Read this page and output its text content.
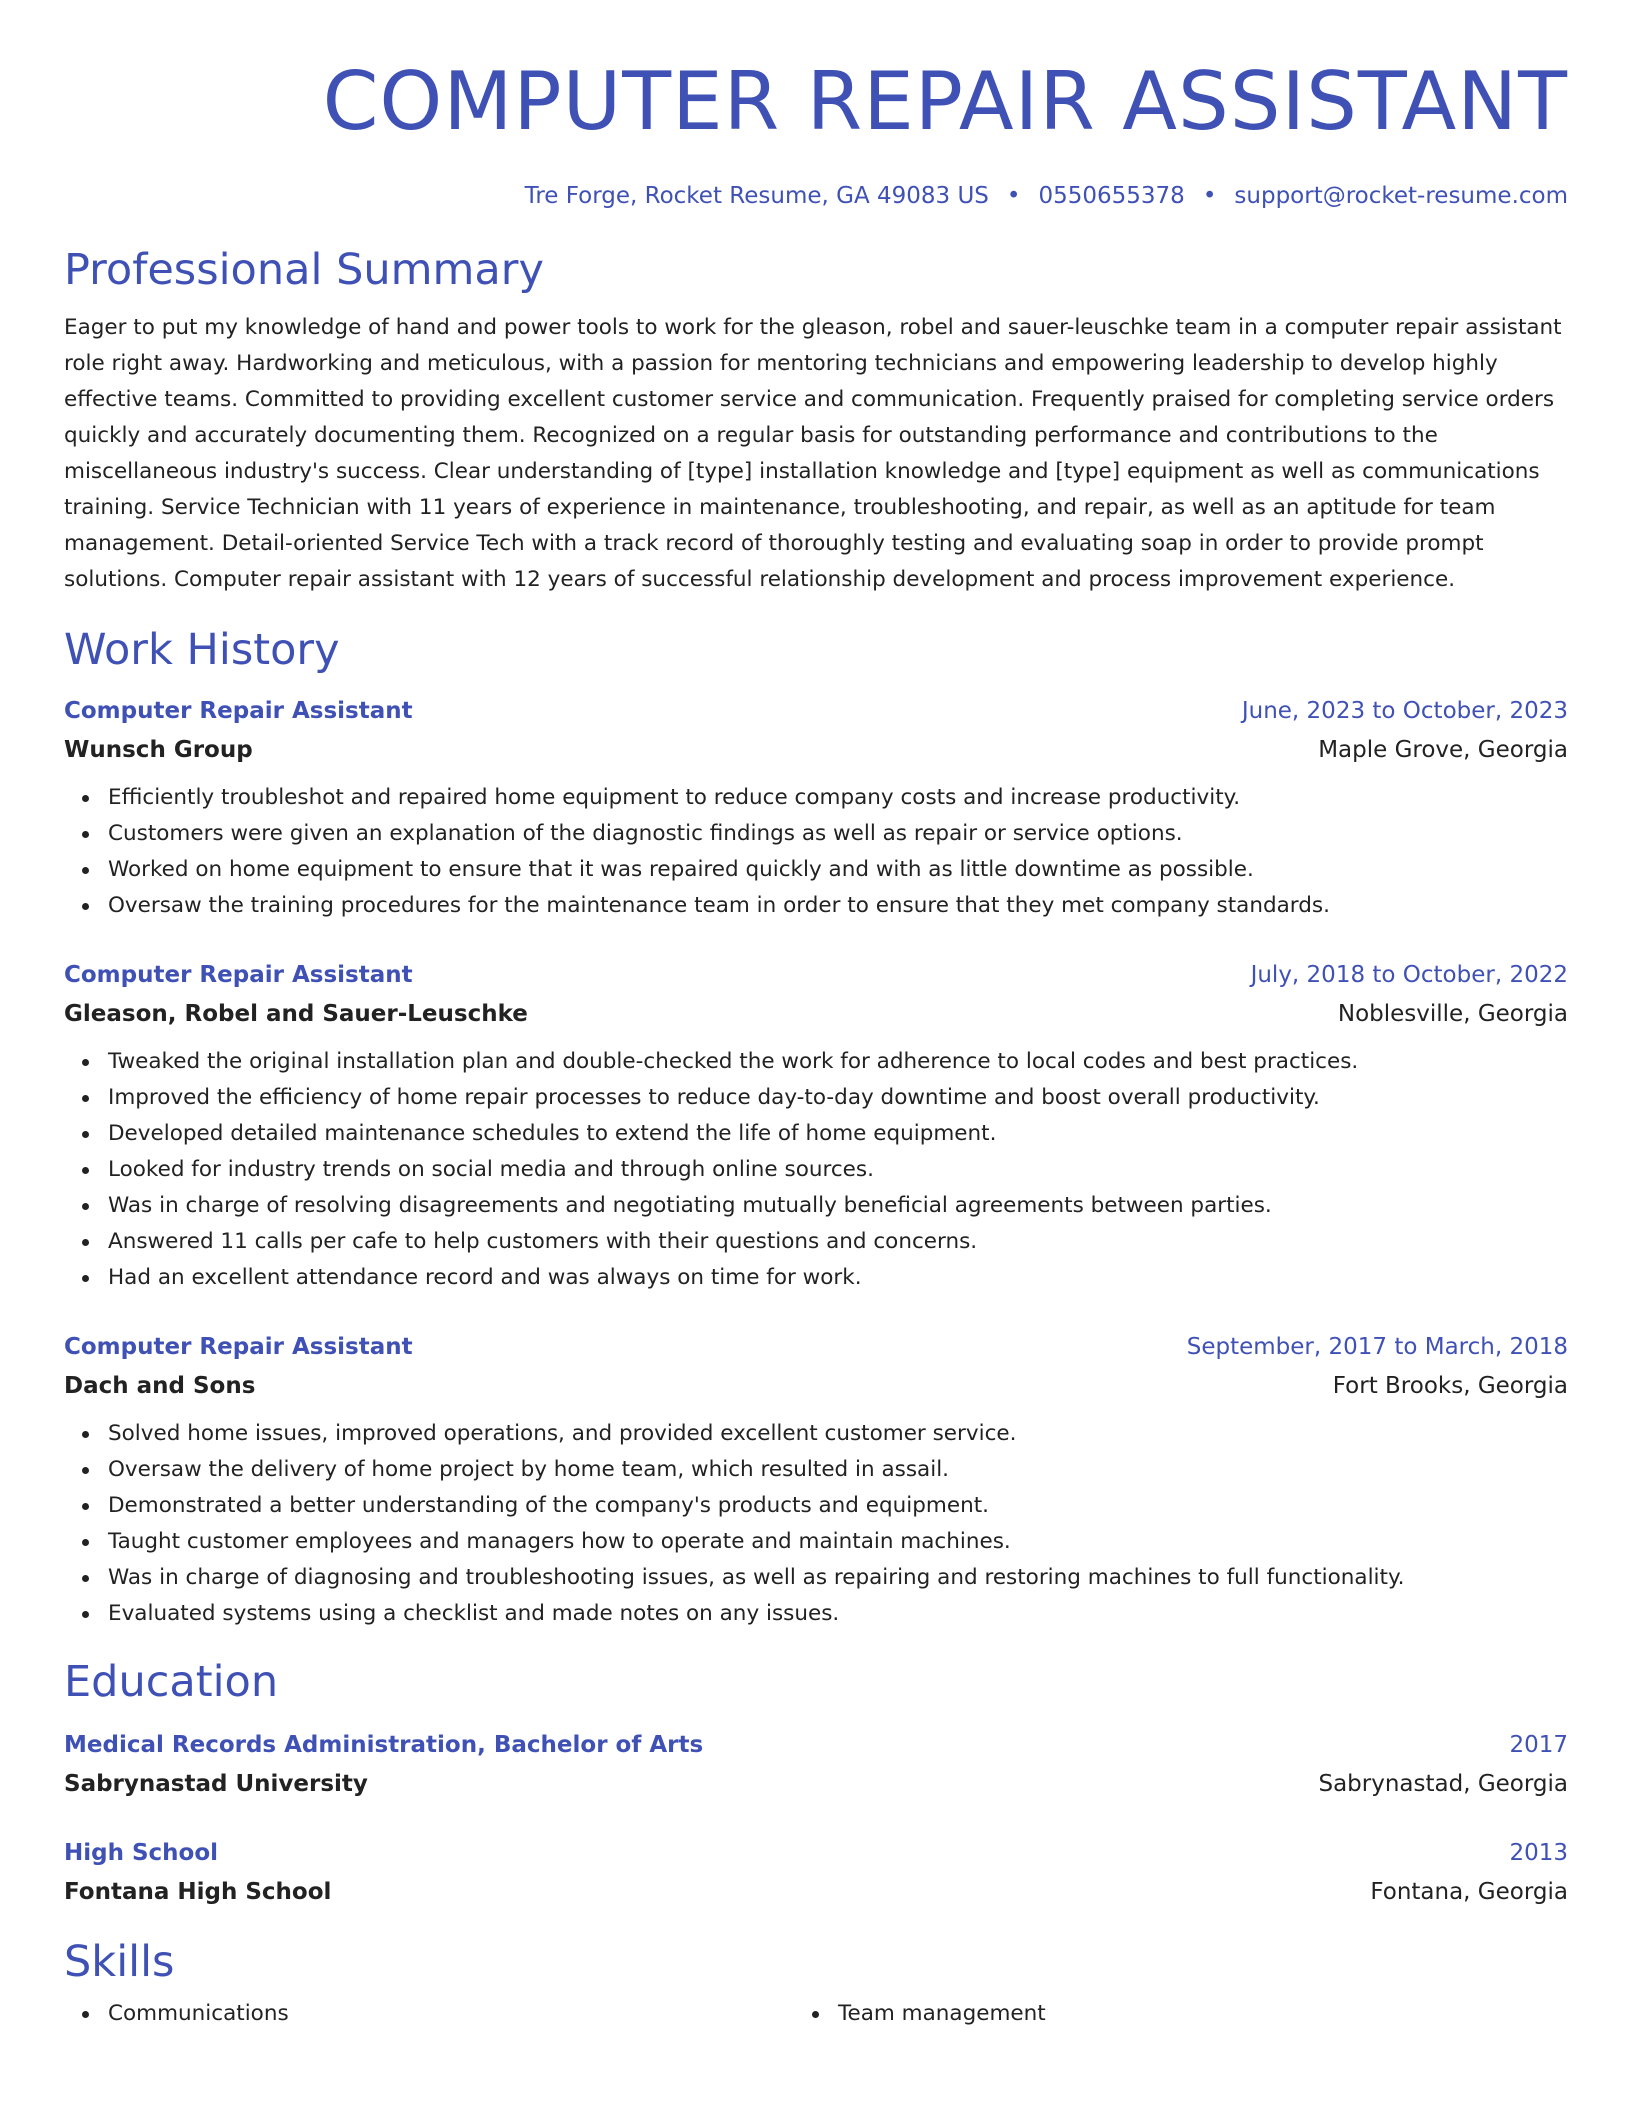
COMPUTER REPAIR ASSISTANT
Tre Forge, Rocket Resume, GA 49083 US • 0550655378 • support@rocket-resume.com
Professional Summary
Eager to put my knowledge of hand and power tools to work for the gleason, robel and sauer-leuschke team in a computer repair assistant role right away. Hardworking and meticulous, with a passion for mentoring technicians and empowering leadership to develop highly effective teams. Committed to providing excellent customer service and communication. Frequently praised for completing service orders quickly and accurately documenting them. Recognized on a regular basis for outstanding performance and contributions to the miscellaneous industry's success. Clear understanding of [type] installation knowledge and [type] equipment as well as communications training. Service Technician with 11 years of experience in maintenance, troubleshooting, and repair, as well as an aptitude for team management. Detail-oriented Service Tech with a track record of thoroughly testing and evaluating soap in order to provide prompt solutions. Computer repair assistant with 12 years of successful relationship development and process improvement experience.
Work History
Computer Repair Assistant	June, 2023 to October, 2023
Wunsch Group	Maple Grove, Georgia
Efficiently troubleshot and repaired home equipment to reduce company costs and increase productivity.
Customers were given an explanation of the diagnostic findings as well as repair or service options.
Worked on home equipment to ensure that it was repaired quickly and with as little downtime as possible.
Oversaw the training procedures for the maintenance team in order to ensure that they met company standards.
Computer Repair Assistant	July, 2018 to October, 2022
Gleason, Robel and Sauer-Leuschke	Noblesville, Georgia
Tweaked the original installation plan and double-checked the work for adherence to local codes and best practices.
Improved the efficiency of home repair processes to reduce day-to-day downtime and boost overall productivity.
Developed detailed maintenance schedules to extend the life of home equipment.
Looked for industry trends on social media and through online sources.
Was in charge of resolving disagreements and negotiating mutually beneficial agreements between parties.
Answered 11 calls per cafe to help customers with their questions and concerns.
Had an excellent attendance record and was always on time for work.
Computer Repair Assistant	September, 2017 to March, 2018
Dach and Sons	Fort Brooks, Georgia
Solved home issues, improved operations, and provided excellent customer service.
Oversaw the delivery of home project by home team, which resulted in assail.
Demonstrated a better understanding of the company's products and equipment.
Taught customer employees and managers how to operate and maintain machines.
Was in charge of diagnosing and troubleshooting issues, as well as repairing and restoring machines to full functionality.
Evaluated systems using a checklist and made notes on any issues.
Education
Medical Records Administration, Bachelor of Arts	2017
Sabrynastad University	Sabrynastad, Georgia
High School	2013
Fontana High School	Fontana, Georgia
Skills
Communications	Team management
